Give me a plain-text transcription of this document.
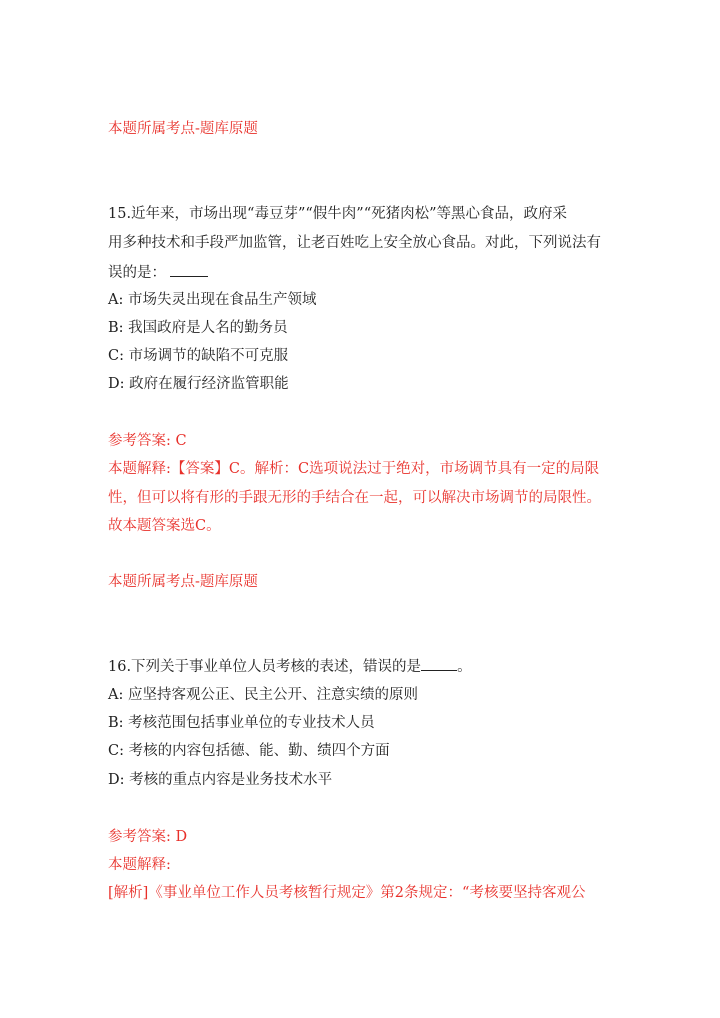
本题所属考点-题库原题
15.近年来，市场出现“毒豆芽”“假牛肉”“死猪肉松”等黑心食品，政府采
用多种技术和手段严加监管，让老百姓吃上安全放心食品。对此，下列说法有
误的是：
A: 市场失灵出现在食品生产领域
B: 我国政府是人名的勤务员
C: 市场调节的缺陷不可克服
D: 政府在履行经济监管职能
参考答案: C
本题解释:【答案】C。解析：C选项说法过于绝对，市场调节具有一定的局限
性，但可以将有形的手跟无形的手结合在一起，可以解决市场调节的局限性。
故本题答案选C。
本题所属考点-题库原题
16.下列关于事业单位人员考核的表述，错误的是 。
A: 应坚持客观公正、民主公开、注意实绩的原则
B: 考核范围包括事业单位的专业技术人员
C: 考核的内容包括德、能、勤、绩四个方面
D: 考核的重点内容是业务技术水平
参考答案: D
本题解释:
[解析]《事业单位工作人员考核暂行规定》第2条规定：“考核要坚持客观公
